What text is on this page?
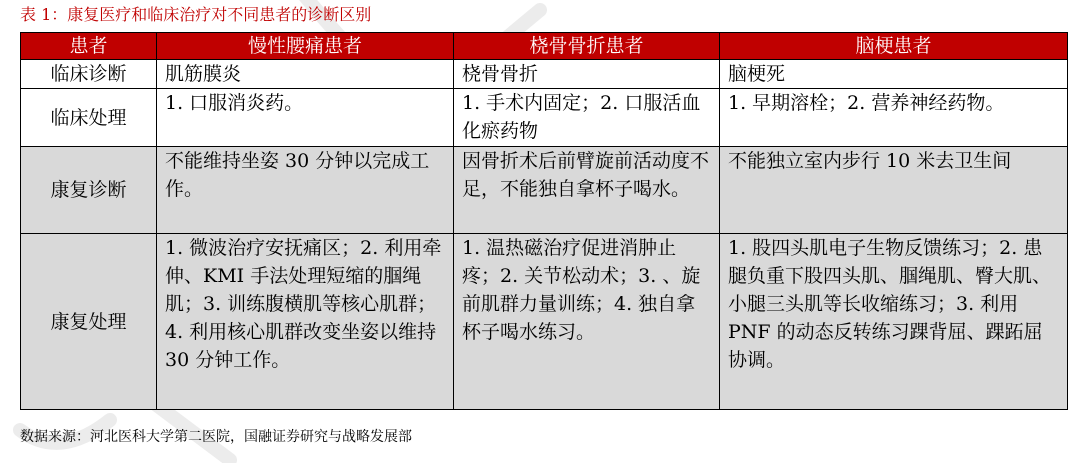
表 1：康复医疗和临床治疗对不同患者的诊断区别
患者	慢性腰痛患者	桡骨骨折患者	脑梗患者
临床诊断	肌筋膜炎	桡骨骨折	脑梗死
临床处理	1. 口服消炎药。	1. 手术内固定；2. 口服活血化瘀药物	1. 早期溶栓；2. 营养神经药物。
康复诊断	不能维持坐姿 30 分钟以完成工作。	因骨折术后前臂旋前活动度不足，不能独自拿杯子喝水。	不能独立室内步行 10 米去卫生间
康复处理	1. 微波治疗安抚痛区；2. 利用牵伸、KMI 手法处理短缩的腘绳肌；3. 训练腹横肌等核心肌群；4. 利用核心肌群改变坐姿以维持 30 分钟工作。	1. 温热磁治疗促进消肿止疼；2. 关节松动术；3. 、旋前肌群力量训练；4. 独自拿杯子喝水练习。	1. 股四头肌电子生物反馈练习；2. 患腿负重下股四头肌、腘绳肌、臀大肌、小腿三头肌等长收缩练习；3. 利用 PNF 的动态反转练习踝背屈、踝跖屈协调。
数据来源：河北医科大学第二医院，国融证券研究与战略发展部
